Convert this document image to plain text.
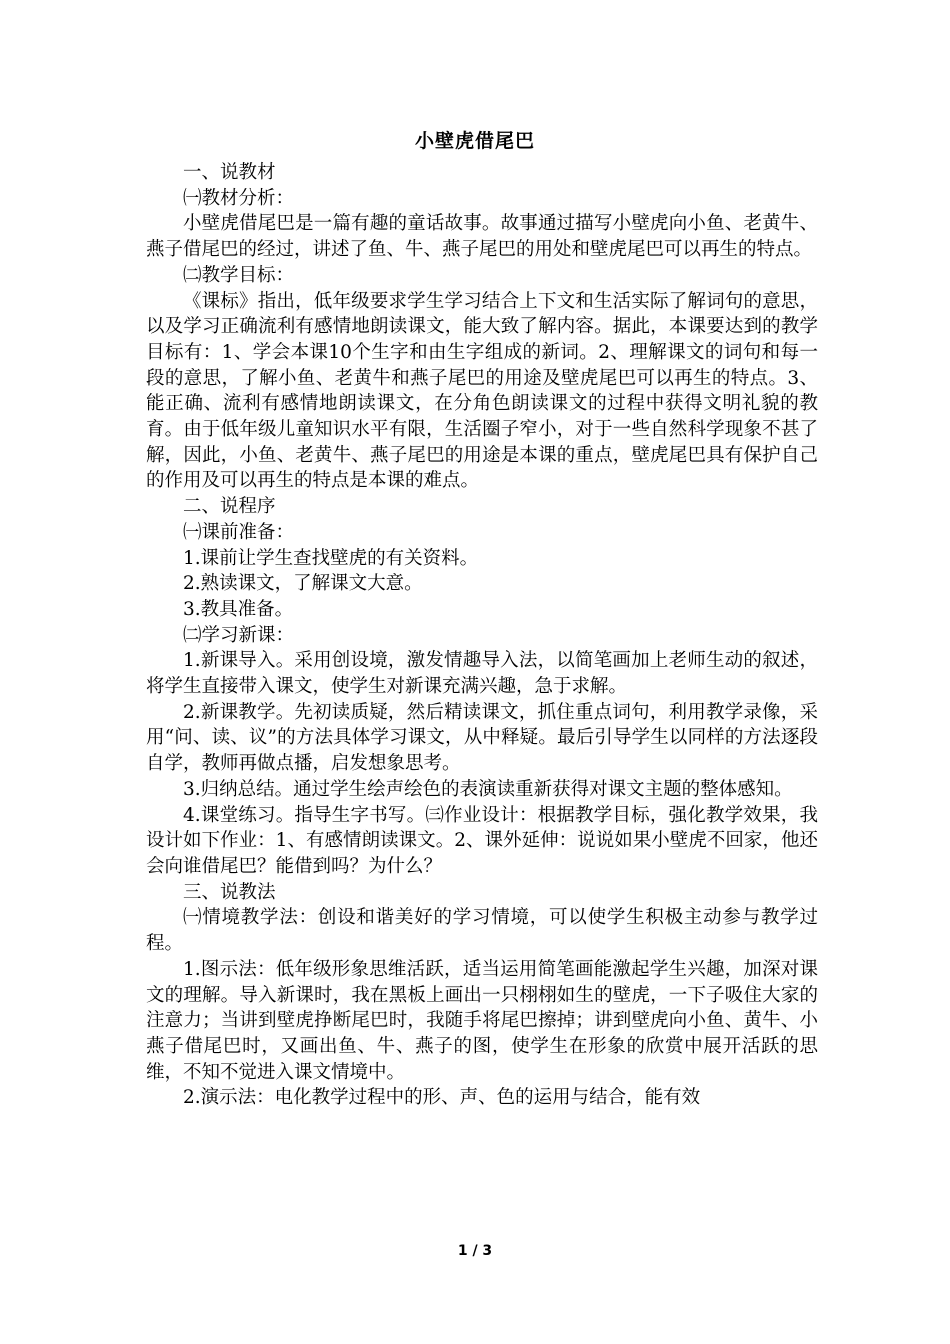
小壁虎借尾巴

一、说教材

㈠教材分析：

小壁虎借尾巴是一篇有趣的童话故事。故事通过描写小壁虎向小鱼、老黄牛、燕子借尾巴的经过，讲述了鱼、牛、燕子尾巴的用处和壁虎尾巴可以再生的特点。

㈡教学目标：

《课标》指出，低年级要求学生学习结合上下文和生活实际了解词句的意思，以及学习正确流利有感情地朗读课文，能大致了解内容。据此，本课要达到的教学目标有：1、学会本课10个生字和由生字组成的新词。2、理解课文的词句和每一段的意思，了解小鱼、老黄牛和燕子尾巴的用途及壁虎尾巴可以再生的特点。3、能正确、流利有感情地朗读课文，在分角色朗读课文的过程中获得文明礼貌的教育。由于低年级儿童知识水平有限，生活圈子窄小，对于一些自然科学现象不甚了解，因此，小鱼、老黄牛、燕子尾巴的用途是本课的重点，壁虎尾巴具有保护自己的作用及可以再生的特点是本课的难点。

二、说程序

㈠课前准备：

1.课前让学生查找壁虎的有关资料。

2.熟读课文，了解课文大意。

3.教具准备。

㈡学习新课：

1.新课导入。采用创设境，激发情趣导入法，以简笔画加上老师生动的叙述，将学生直接带入课文，使学生对新课充满兴趣，急于求解。

2.新课教学。先初读质疑，然后精读课文，抓住重点词句，利用教学录像，采用“问、读、议”的方法具体学习课文，从中释疑。最后引导学生以同样的方法逐段自学，教师再做点播，启发想象思考。

3.归纳总结。通过学生绘声绘色的表演读重新获得对课文主题的整体感知。

4.课堂练习。指导生字书写。㈢作业设计：根据教学目标，强化教学效果，我设计如下作业：1、有感情朗读课文。2、课外延伸：说说如果小壁虎不回家，他还会向谁借尾巴？能借到吗？为什么？

三、说教法

㈠情境教学法：创设和谐美好的学习情境，可以使学生积极主动参与教学过程。

1.图示法：低年级形象思维活跃，适当运用简笔画能激起学生兴趣，加深对课文的理解。导入新课时，我在黑板上画出一只栩栩如生的壁虎，一下子吸住大家的注意力；当讲到壁虎挣断尾巴时，我随手将尾巴擦掉；讲到壁虎向小鱼、黄牛、小燕子借尾巴时，又画出鱼、牛、燕子的图，使学生在形象的欣赏中展开活跃的思维，不知不觉进入课文情境中。

2.演示法：电化教学过程中的形、声、色的运用与结合，能有效

1 / 3
